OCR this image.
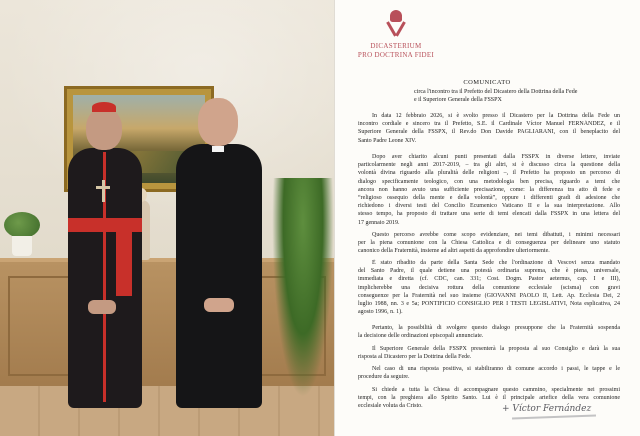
DICASTERIUM
PRO DOCTRINA FIDEI
COMUNICATO
circa l'incontro tra il Prefetto del Dicastero della Dottrina della Fede
e il Superiore Generale della FSSPX
In data 12 febbraio 2026, si è svolto presso il Dicastero per la Dottrina della Fede un
incontro cordiale e sincero tra il Prefetto, S.E. il Cardinale Víctor Manuel FERNÁNDEZ, e il
Superiore Generale della FSSPX, il Rev.do Don Davide PAGLIARANI, con il beneplacito del
Santo Padre Leone XIV.
Dopo aver chiarito alcuni punti presentati dalla FSSPX in diverse lettere, inviate
particolarmente negli anni 2017-2019, – tra gli altri, si è discusso circa la questione della
volontà divina riguardo alla pluralità delle religioni –, il Prefetto ha proposto un percorso di
dialogo specificamente teologico, con una metodologia ben precisa, riguardo a temi che
ancora non hanno avuto una sufficiente precisazione, come: la differenza tra atto di fede e
“religioso ossequio della mente e della volontà”, oppure i differenti gradi di adesione che
richiedono i diversi testi del Concilio Ecumenico Vaticano II e la sua interpretazione. Allo
stesso tempo, ha proposto di trattare una serie di temi elencati dalla FSSPX in una lettera del
17 gennaio 2019.
Questo percorso avrebbe come scopo evidenziare, nei temi dibattuti, i minimi necessari
per la piena comunione con la Chiesa Cattolica e di conseguenza per delineare uno statuto
canonico della Fraternità, insieme ad altri aspetti da approfondire ulteriormente.
È stato ribadito da parte della Santa Sede che l'ordinazione di Vescovi senza mandato
del Santo Padre, il quale detiene una potestà ordinaria suprema, che è piena, universale,
immediata e diretta (cf. CDC, can. 331; Cost. Dogm. Pastor aeternus, cap. I e III),
implicherebbe una decisiva rottura della comunione ecclesiale (scisma) con gravi
conseguenze per la Fraternità nel suo insieme (GIOVANNI PAOLO II, Lett. Ap. Ecclesia Dei, 2
luglio 1988, nn. 3 e 5a; PONTIFICIO CONSIGLIO PER I TESTI LEGISLATIVI, Nota esplicativa, 24
agosto 1996, n. 1).
Pertanto, la possibilità di svolgere questo dialogo presuppone che la Fraternità sospenda
la decisione delle ordinazioni episcopali annunciate.
Il Superiore Generale della FSSPX presenterà la proposta al suo Consiglio e darà la sua
risposta al Dicastero per la Dottrina della Fede.
Nel caso di una risposta positiva, si stabiliranno di comune accordo i passi, le tappe e le
procedure da seguire.
Si chiede a tutta la Chiesa di accompagnare questo cammino, specialmente nei prossimi
tempi, con la preghiera allo Spirito Santo. Lui è il principale artefice della vera comunione
ecclesiale voluta da Cristo.	+ Víctor Fernández
